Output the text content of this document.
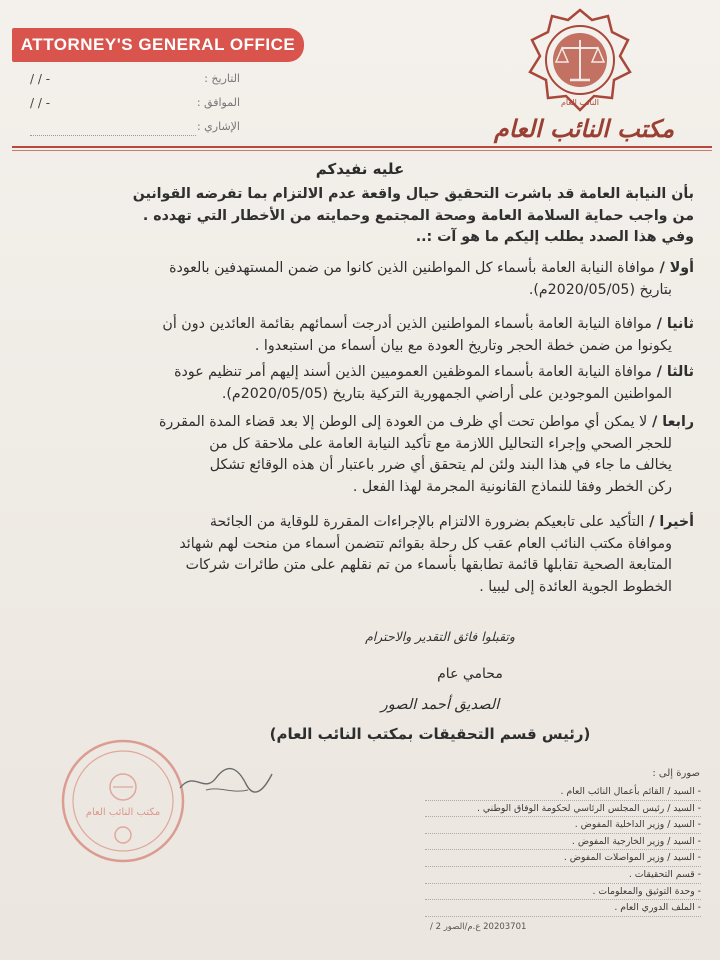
ATTORNEY'S GENERAL OFFICE
التاريخ :
/ / -
الموافق :
/ / -
الإشاري :
النائب العام
مكتب النائب العام
عليه نفيدكم
بأن النيابة العامة قد باشرت التحقيق حيال واقعة عدم الالتزام بما تفرضه القوانين
من واجب حماية السلامة العامة وصحة المجتمع وحمايته من الأخطار التي تهدده .
وفي هذا الصدد يطلب إليكم ما هو آت :..
أولا / موافاة النيابة العامة بأسماء كل المواطنين الذين كانوا من ضمن المستهدفين بالعودة
بتاريخ (2020/05/05م).
ثانيا / موافاة النيابة العامة بأسماء المواطنين الذين أدرجت أسمائهم بقائمة العائدين دون أن
يكونوا من ضمن خطة الحجر وتاريخ العودة مع بيان أسماء من استبعدوا .
ثالثا / موافاة النيابة العامة بأسماء الموظفين العموميين الذين أسند إليهم أمر تنظيم عودة
المواطنين الموجودين على أراضي الجمهورية التركية بتاريخ (2020/05/05م).
رابعا / لا يمكن أي مواطن تحت أي ظرف من العودة إلى الوطن إلا بعد قضاء المدة المقررة
للحجر الصحي وإجراء التحاليل اللازمة مع تأكيد النيابة العامة على ملاحقة كل من
يخالف ما جاء في هذا البند ولئن لم يتحقق أي ضرر باعتبار أن هذه الوقائع تشكل
ركن الخطر وفقا للنماذج القانونية المجرمة لهذا الفعل .
أخيرا / التأكيد على تابعيكم بضرورة الالتزام بالإجراءات المقررة للوقاية من الجائحة
وموافاة مكتب النائب العام عقب كل رحلة بقوائم تتضمن أسماء من منحت لهم شهائد
المتابعة الصحية تقابلها قائمة تطابقها بأسماء من تم نقلهم على متن طائرات شركات
الخطوط الجوية العائدة إلى ليبيا .
وتقبلوا فائق التقدير والاحترام
محامي عام
الصديق أحمد الصور
(رئيس قسم التحقيقات بمكتب النائب العام)
مكتب النائب العام
صورة إلى :
- السيد / القائم بأعمال النائب العام .
- السيد / رئيس المجلس الرئاسي لحكومة الوفاق الوطني .
- السيد / وزير الداخلية المفوض .
- السيد / وزير الخارجية المفوض .
- السيد / وزير المواصلات المفوض .
- قسم التحقيقات .
- وحدة التوثيق والمعلومات .
- الملف الدوري العام .
20203701 ع.م/الصور 2 /
